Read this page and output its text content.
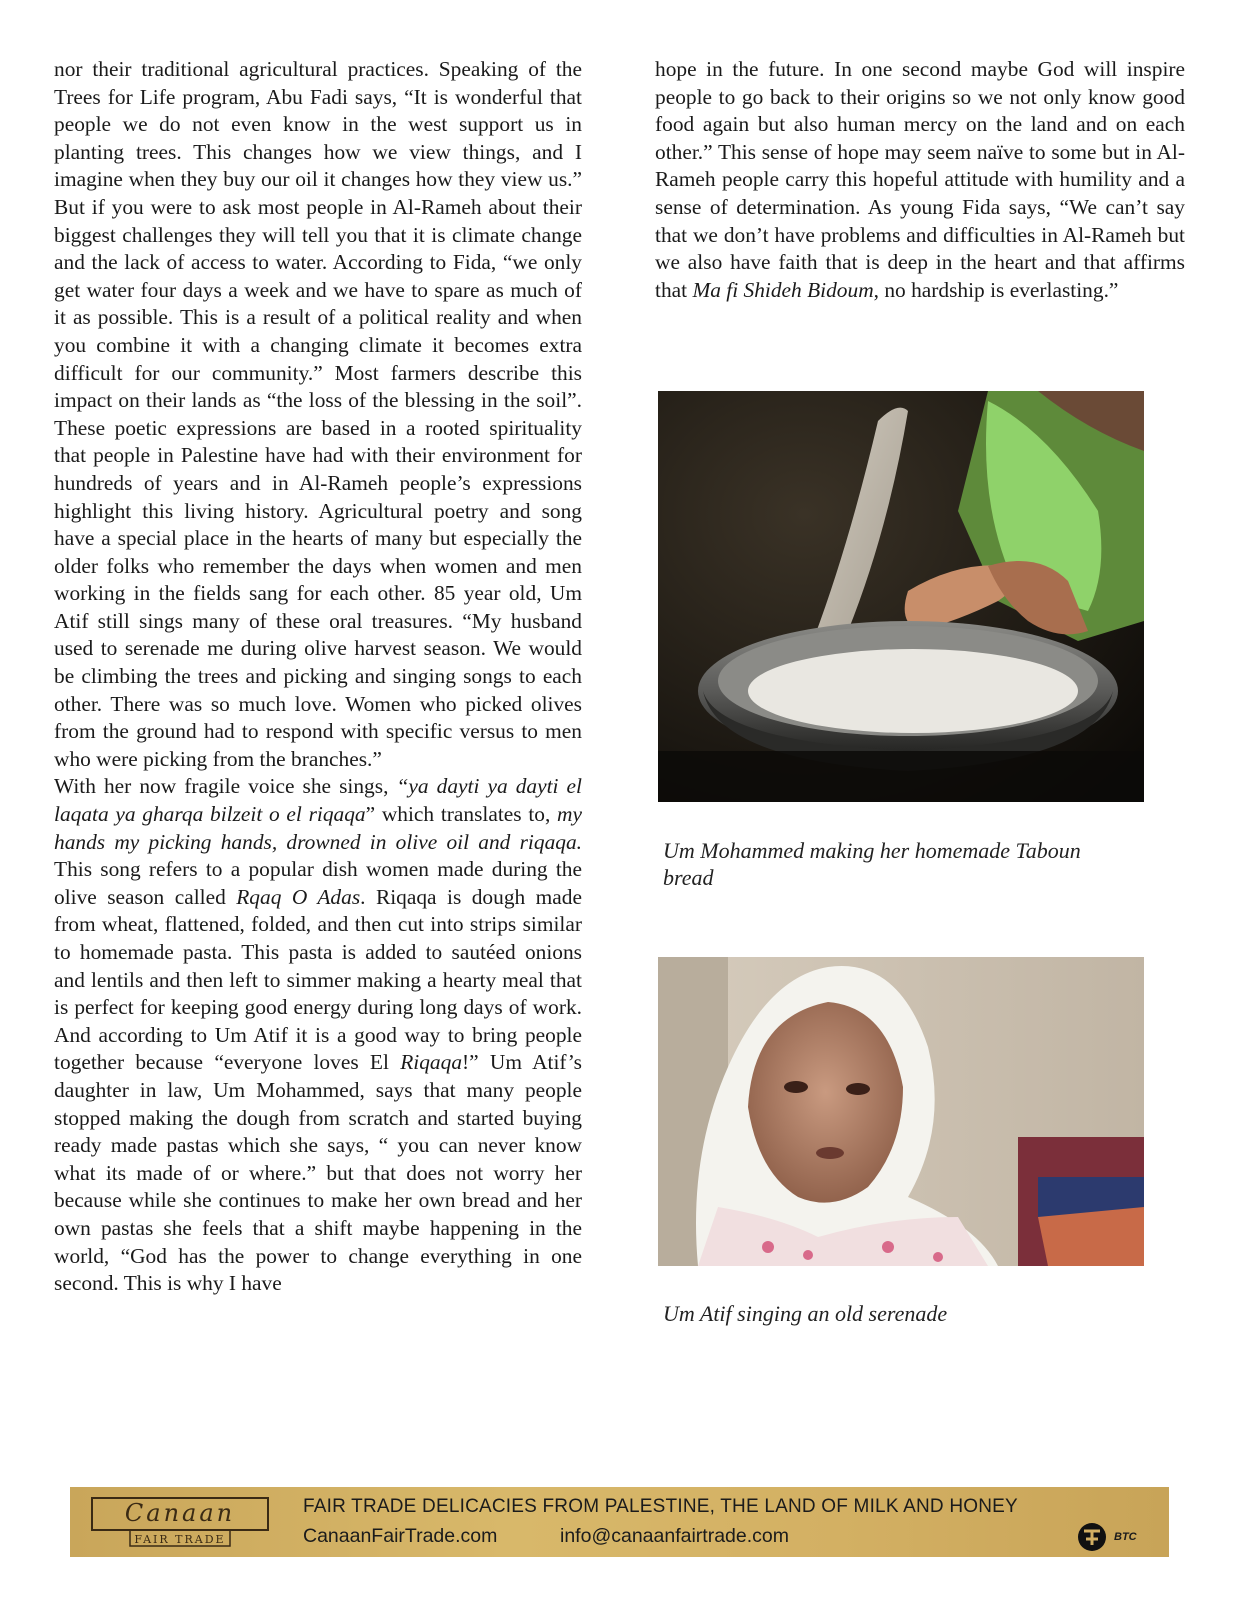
nor their traditional agricultural practices. Speaking of the Trees for Life program, Abu Fadi says, “It is wonderful that people we do not even know in the west support us in planting trees. This changes how we view things, and I imagine when they buy our oil it changes how they view us.” But if you were to ask most people in Al-Rameh about their biggest challenges they will tell you that it is climate change and the lack of access to water. According to Fida, “we only get water four days a week and we have to spare as much of it as possible. This is a result of a political reality and when you combine it with a changing climate it becomes extra difficult for our community.” Most farmers describe this impact on their lands as “the loss of the blessing in the soil”. These poetic expressions are based in a rooted spirituality that people in Palestine have had with their environment for hundreds of years and in Al-Rameh people’s expressions highlight this living history. Agricultural poetry and song have a special place in the hearts of many but especially the older folks who remember the days when women and men working in the fields sang for each other. 85 year old, Um Atif still sings many of these oral treasures. “My husband used to serenade me during olive harvest season. We would be climbing the trees and picking and singing songs to each other. There was so much love. Women who picked olives from the ground had to respond with specific versus to men who were picking from the branches.”

With her now fragile voice she sings, “ya dayti ya dayti el laqata ya gharqa bilzeit o el riqaqa” which translates to, my hands my picking hands, drowned in olive oil and riqaqa. This song refers to a popular dish women made during the olive season called Rqaq O Adas. Riqaqa is dough made from wheat, flattened, folded, and then cut into strips similar to homemade pasta. This pasta is added to sautéed onions and lentils and then left to simmer making a hearty meal that is perfect for keeping good energy during long days of work. And according to Um Atif it is a good way to bring people together because “everyone loves El Riqaqa!” Um Atif’s daughter in law, Um Mohammed, says that many people stopped making the dough from scratch and started buying ready made pastas which she says, “ you can never know what its made of or where.” but that does not worry her because while she continues to make her own bread and her own pastas she feels that a shift maybe happening in the world, “God has the power to change everything in one second. This is why I have

hope in the future. In one second maybe God will inspire people to go back to their origins so we not only know good food again but also human mercy on the land and on each other.” This sense of hope may seem naïve to some but in Al-Rameh people carry this hopeful attitude with humility and a sense of determination. As young Fida says, “We can’t say that we don’t have problems and difficulties in Al-Rameh but we also have faith that is deep in the heart and that affirms that Ma fi Shideh Bidoum, no hardship is everlasting.”

Um Mohammed making her homemade Taboun bread
Um Atif singing an old serenade
Canaan
FAIR TRADE
FAIR TRADE DELICACIES FROM PALESTINE, THE LAND OF MILK AND HONEY
CanaanFairTrade.com	info@canaanfairtrade.com	BTC
